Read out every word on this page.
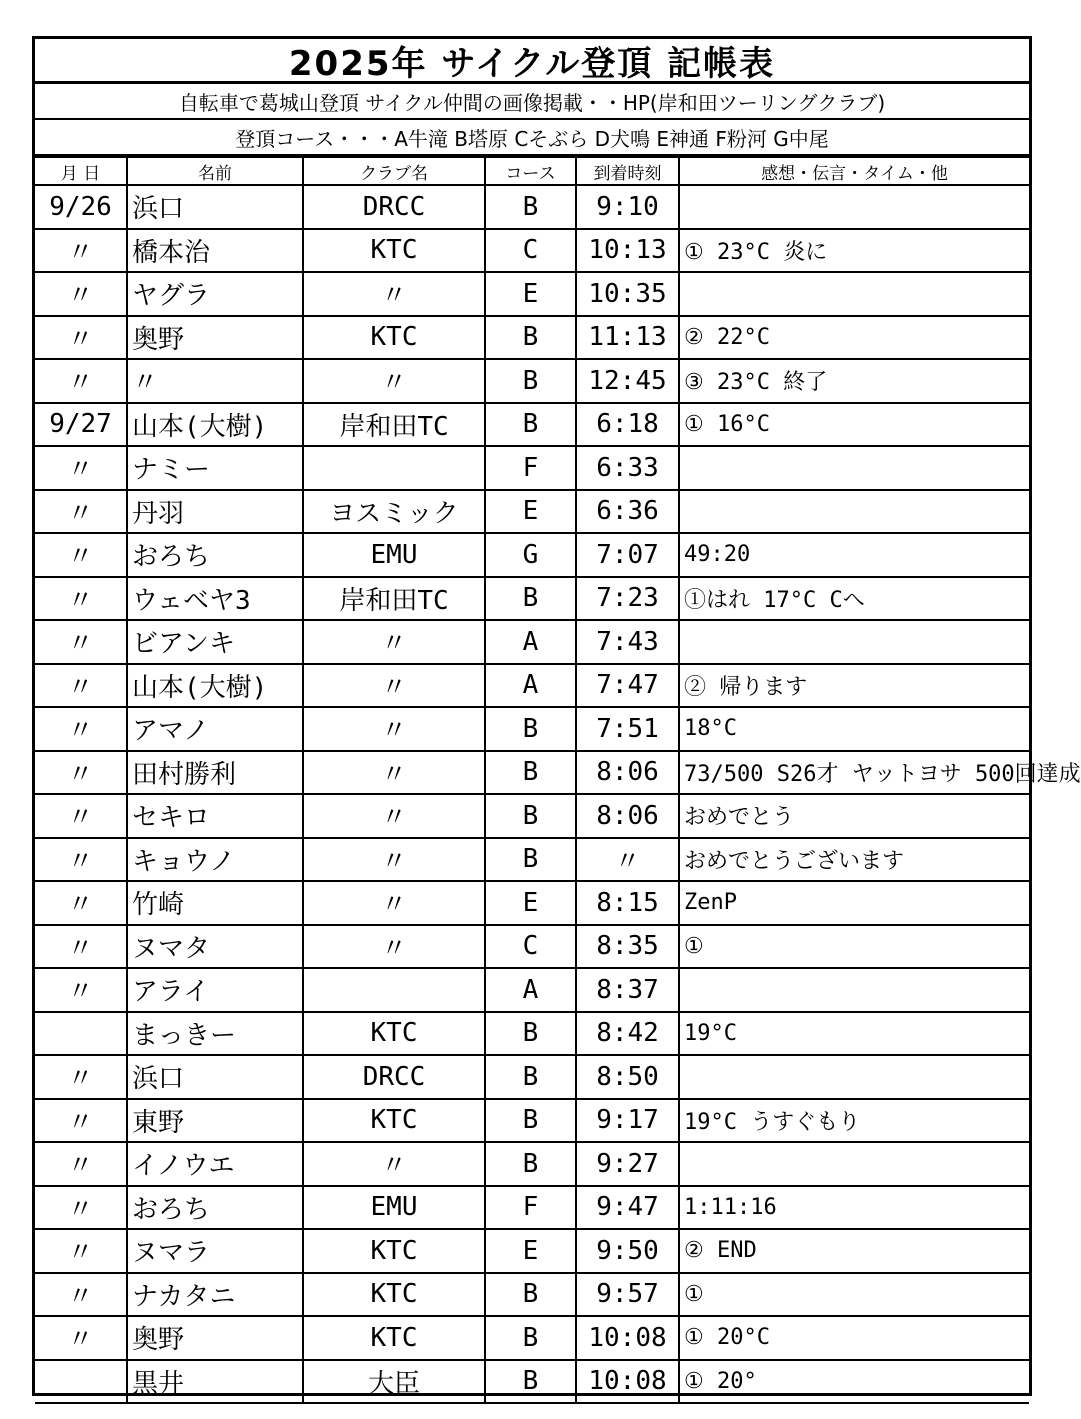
2025年 サイクル登頂 記帳表
自転車で葛城山登頂 サイクル仲間の画像掲載・・HP(岸和田ツーリングクラブ)
登頂コース・・・A牛滝 B塔原 Cそぶら D犬鳴 E神通 F粉河 G中尾
月 日	名前	クラブ名	コース	到着時刻	感想・伝言・タイム・他
9/26	浜口	DRCC	B	9:10	
〃	橋本治	KTC	C	10:13	① 23°C 炎に
〃	ヤグラ	〃	E	10:35	
〃	奥野	KTC	B	11:13	② 22°C
〃	〃	〃	B	12:45	③ 23°C 終了
9/27	山本(大樹)	岸和田TC	B	6:18	① 16°C
〃	ナミー		F	6:33	
〃	丹羽	ヨスミック	E	6:36	
〃	おろち	EMU	G	7:07	49:20
〃	ウェベヤ3	岸和田TC	B	7:23	①はれ 17°C Cへ
〃	ビアンキ	〃	A	7:43	
〃	山本(大樹)	〃	A	7:47	② 帰ります
〃	アマノ	〃	B	7:51	18°C
〃	田村勝利	〃	B	8:06	73/500 S26才 ヤットヨサ 500回達成
〃	セキロ	〃	B	8:06	おめでとう
〃	キョウノ	〃	B	〃	おめでとうございます
〃	竹崎	〃	E	8:15	ZenP
〃	ヌマタ	〃	C	8:35	①
〃	アライ		A	8:37	
	まっきー	KTC	B	8:42	19°C
〃	浜口	DRCC	B	8:50	
〃	東野	KTC	B	9:17	19°C うすぐもり
〃	イノウエ	〃	B	9:27	
〃	おろち	EMU	F	9:47	1:11:16
〃	ヌマラ	KTC	E	9:50	② END
〃	ナカタニ	KTC	B	9:57	①
〃	奥野	KTC	B	10:08	① 20°C
	黒井	大臣	B	10:08	① 20°
